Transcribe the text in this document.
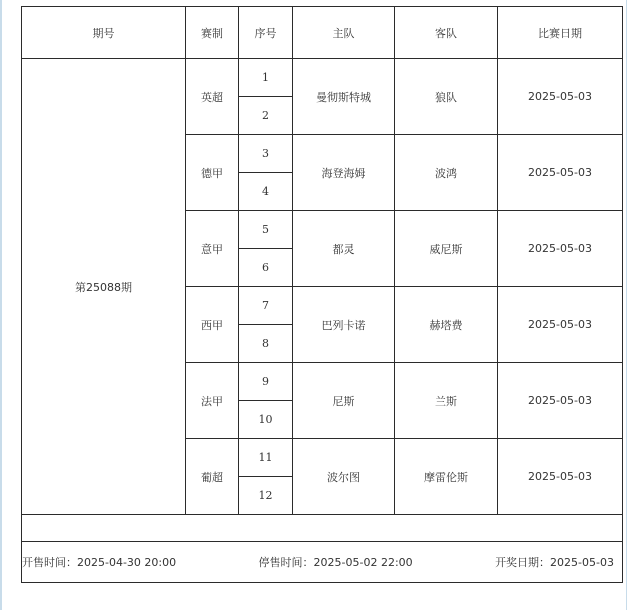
期号	赛制	序号	主队	客队	比赛日期
第25088期	英超	1	曼彻斯特城	狼队	2025-05-03
		2			
	德甲	3	海登海姆	波鸿	2025-05-03
		4			
	意甲	5	都灵	威尼斯	2025-05-03
		6			
	西甲	7	巴列卡诺	赫塔费	2025-05-03
		8			
	法甲	9	尼斯	兰斯	2025-05-03
		10			
	葡超	11	波尔图	摩雷伦斯	2025-05-03
		12			

开售时间：2025-04-30 20:00 停售时间：2025-05-02 22:00 开奖日期：2025-05-03					
